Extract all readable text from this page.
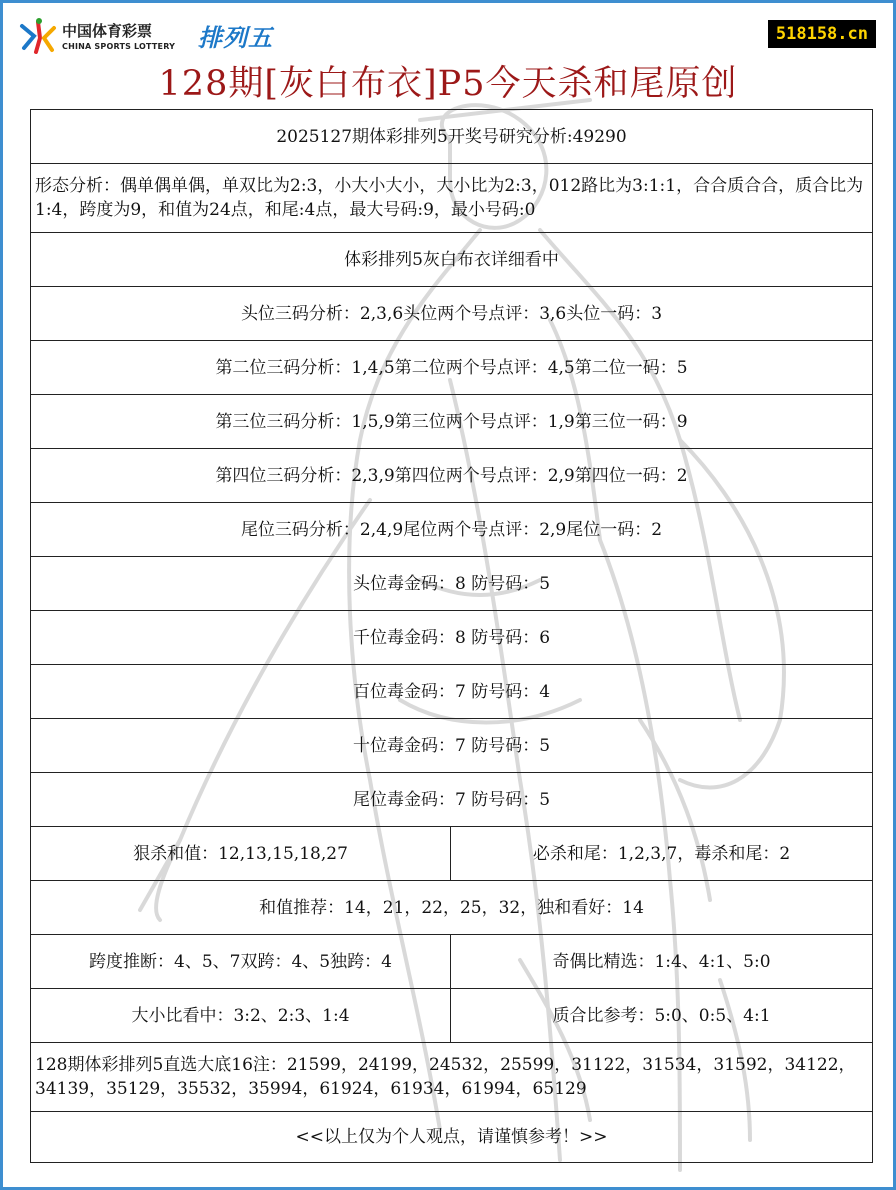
中国体育彩票
CHINA SPORTS LOTTERY 排列五	518158.cn
128期[灰白布衣]P5今天杀和尾原创
2025127期体彩排列5开奖号研究分析:49290	
形态分析：偶单偶单偶，单双比为2:3，小大小大小，大小比为2:3，012路比为3:1:1，合合质合合，质合比为1:4，跨度为9，和值为24点，和尾:4点，最大号码:9，最小号码:0	
体彩排列5灰白布衣详细看中	
头位三码分析：2,3,6头位两个号点评：3,6头位一码：3	
第二位三码分析：1,4,5第二位两个号点评：4,5第二位一码：5	
第三位三码分析：1,5,9第三位两个号点评：1,9第三位一码：9	
第四位三码分析：2,3,9第四位两个号点评：2,9第四位一码：2	
尾位三码分析：2,4,9尾位两个号点评：2,9尾位一码：2	
头位毒金码：8 防号码：5	
千位毒金码：8 防号码：6	
百位毒金码：7 防号码：4	
十位毒金码：7 防号码：5	
尾位毒金码：7 防号码：5	
狠杀和值：12,13,15,18,27	必杀和尾：1,2,3,7，毒杀和尾：2
和值推荐：14，21，22，25，32，独和看好：14	
跨度推断：4、5、7双跨：4、5独跨：4	奇偶比精选：1:4、4:1、5:0
大小比看中：3:2、2:3、1:4	质合比参考：5:0、0:5、4:1
128期体彩排列5直选大底16注：21599，24199，24532，25599，31122，31534，31592，34122，34139，35129，35532，35994，61924，61934，61994，65129	
<<以上仅为个人观点，请谨慎参考！>>	
